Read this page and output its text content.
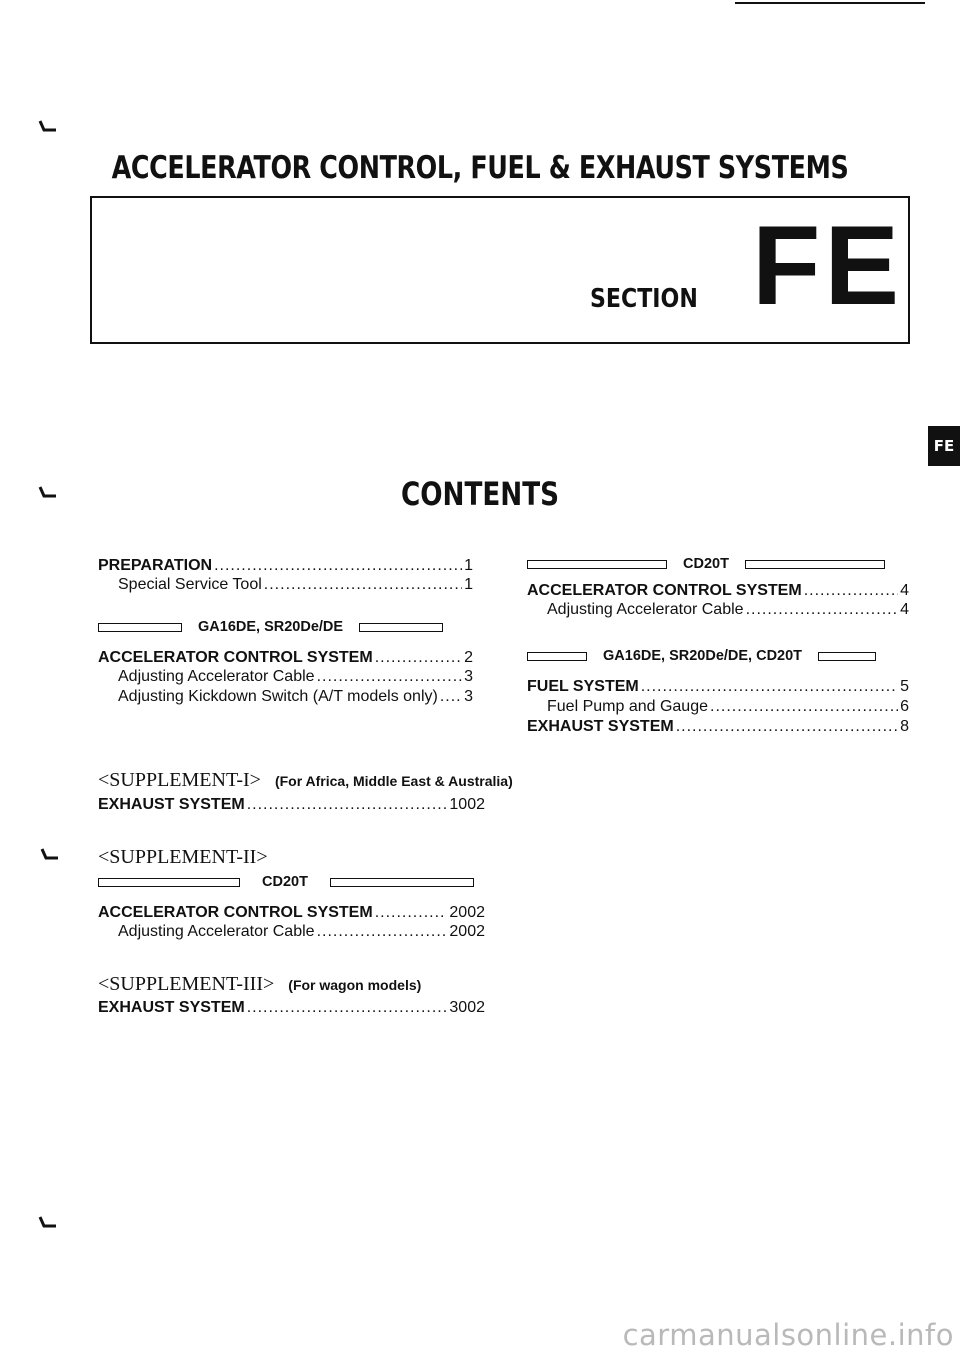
ACCELERATOR CONTROL, FUEL & EXHAUST SYSTEMS
SECTION FE
FE
CONTENTS
PREPARATION .....	1
Special Service Tool .....	1
GA16DE, SR20De/DE
ACCELERATOR CONTROL SYSTEM .....	2
Adjusting Accelerator Cable .....	3
Adjusting Kickdown Switch (A/T models only) ..... 3
CD20T
ACCELERATOR CONTROL SYSTEM .....	4
Adjusting Accelerator Cable .....	4
GA16DE, SR20De/DE, CD20T
FUEL SYSTEM .....	5
Fuel Pump and Gauge .....	6
EXHAUST SYSTEM .....	8
<SUPPLEMENT-I> (For Africa, Middle East & Australia)
EXHAUST SYSTEM .....	1002
<SUPPLEMENT-II>
CD20T
ACCELERATOR CONTROL SYSTEM .....	2002
Adjusting Accelerator Cable .....	2002
<SUPPLEMENT-III> (For wagon models)
EXHAUST SYSTEM .....	3002
carmanualsonline.info
